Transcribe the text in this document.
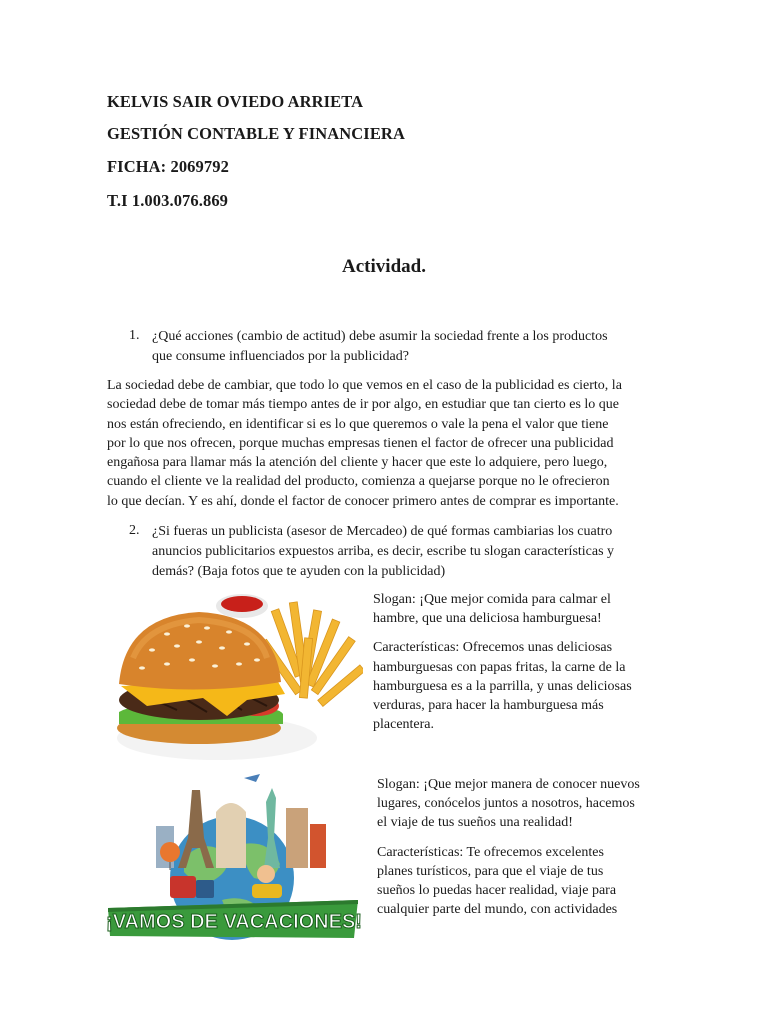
KELVIS SAIR OVIEDO ARRIETA
GESTIÓN CONTABLE Y FINANCIERA
FICHA: 2069792
T.I 1.003.076.869
Actividad.
1. ¿Qué acciones (cambio de actitud) debe asumir la sociedad frente a los productos
que consume influenciados por la publicidad?
La sociedad debe de cambiar, que todo lo que vemos en el caso de la publicidad es cierto, la
sociedad debe de tomar más tiempo antes de ir por algo, en estudiar que tan cierto es lo que
nos están ofreciendo, en identificar si es lo que queremos o vale la pena el valor que tiene
por lo que nos ofrecen, porque muchas empresas tienen el factor de ofrecer una publicidad
engañosa para llamar más la atención del cliente y hacer que este lo adquiere, pero luego,
cuando el cliente ve la realidad del producto, comienza a quejarse porque no le ofrecieron
lo que decían. Y es ahí, donde el factor de conocer primero antes de comprar es importante.
2. ¿Si fueras un publicista (asesor de Mercadeo) de qué formas cambiarias los cuatro
anuncios publicitarios expuestos arriba, es decir, escribe tu slogan características y
demás? (Baja fotos que te ayuden con la publicidad)

Slogan: ¡Que mejor comida para calmar el
hambre, que una deliciosa hamburguesa!

Características: Ofrecemos unas deliciosas
hamburguesas con papas fritas, la carne de la
hamburguesa es a la parrilla, y unas deliciosas
verduras, para hacer la hamburguesa más
placentera.

¡VAMOS DE VACACIONES!

Slogan: ¡Que mejor manera de conocer nuevos
lugares, conócelos juntos a nosotros, hacemos
el viaje de tus sueños una realidad!

Características: Te ofrecemos excelentes
planes turísticos, para que el viaje de tus
sueños lo puedas hacer realidad, viaje para
cualquier parte del mundo, con actividades
